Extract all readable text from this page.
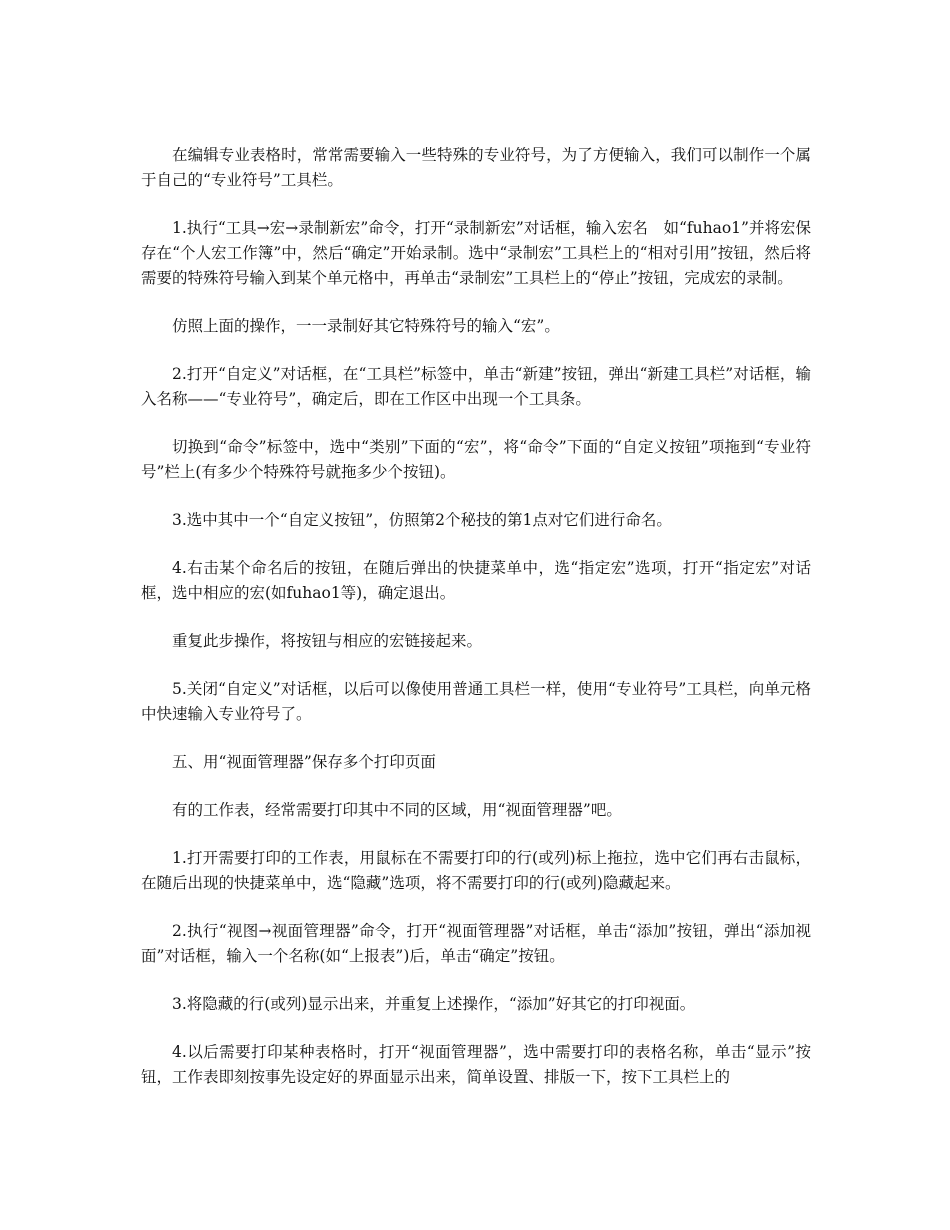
在编辑专业表格时，常常需要输入一些特殊的专业符号，为了方便输入，我们可以制作一个属于自己的“专业符号”工具栏。

1.执行“工具→宏→录制新宏”命令，打开“录制新宏”对话框，输入宏名　如“fuhao1”并将宏保存在“个人宏工作簿”中，然后“确定”开始录制。选中“录制宏”工具栏上的“相对引用”按钮，然后将需要的特殊符号输入到某个单元格中，再单击“录制宏”工具栏上的“停止”按钮，完成宏的录制。

仿照上面的操作，一一录制好其它特殊符号的输入“宏”。

2.打开“自定义”对话框，在“工具栏”标签中，单击“新建”按钮，弹出“新建工具栏”对话框，输入名称——“专业符号”，确定后，即在工作区中出现一个工具条。

切换到“命令”标签中，选中“类别”下面的“宏”，将“命令”下面的“自定义按钮”项拖到“专业符号”栏上(有多少个特殊符号就拖多少个按钮)。

3.选中其中一个“自定义按钮”，仿照第2个秘技的第1点对它们进行命名。

4.右击某个命名后的按钮，在随后弹出的快捷菜单中，选“指定宏”选项，打开“指定宏”对话框，选中相应的宏(如fuhao1等)，确定退出。

重复此步操作，将按钮与相应的宏链接起来。

5.关闭“自定义”对话框，以后可以像使用普通工具栏一样，使用“专业符号”工具栏，向单元格中快速输入专业符号了。

五、用“视面管理器”保存多个打印页面

有的工作表，经常需要打印其中不同的区域，用“视面管理器”吧。

1.打开需要打印的工作表，用鼠标在不需要打印的行(或列)标上拖拉，选中它们再右击鼠标，在随后出现的快捷菜单中，选“隐藏”选项，将不需要打印的行(或列)隐藏起来。

2.执行“视图→视面管理器”命令，打开“视面管理器”对话框，单击“添加”按钮，弹出“添加视面”对话框，输入一个名称(如“上报表”)后，单击“确定”按钮。

3.将隐藏的行(或列)显示出来，并重复上述操作，“添加”好其它的打印视面。

4.以后需要打印某种表格时，打开“视面管理器”，选中需要打印的表格名称，单击“显示”按钮，工作表即刻按事先设定好的界面显示出来，简单设置、排版一下，按下工具栏上的
